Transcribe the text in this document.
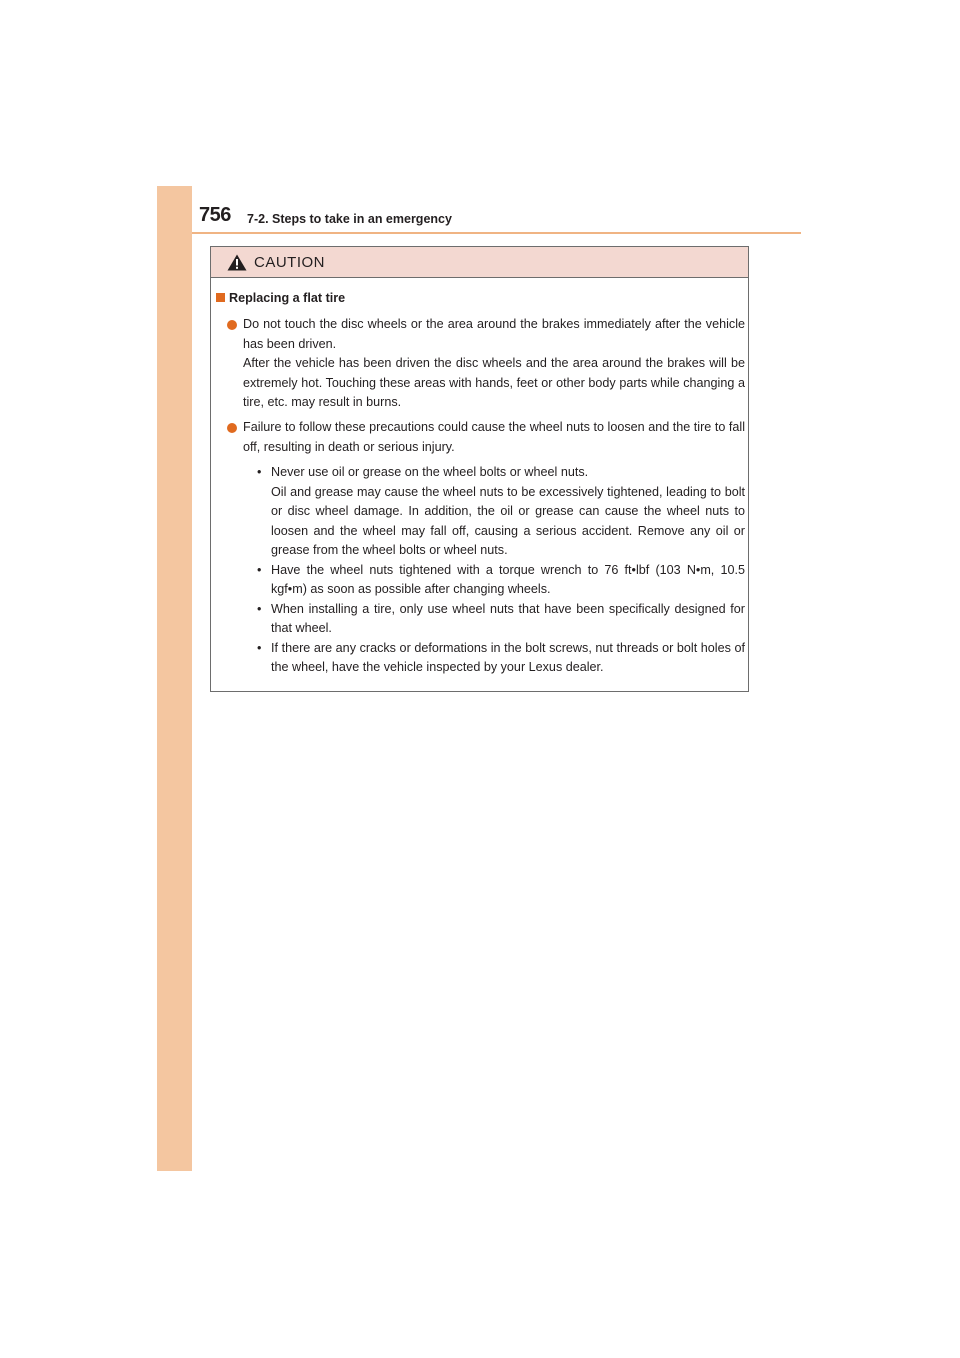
756 7-2. Steps to take in an emergency
CAUTION
Replacing a flat tire

Do not touch the disc wheels or the area around the brakes immediately after the vehicle has been driven.

After the vehicle has been driven the disc wheels and the area around the brakes will be extremely hot. Touching these areas with hands, feet or other body parts while changing a tire, etc. may result in burns.

Failure to follow these precautions could cause the wheel nuts to loosen and the tire to fall off, resulting in death or serious injury.

• Never use oil or grease on the wheel bolts or wheel nuts.

Oil and grease may cause the wheel nuts to be excessively tightened, leading to bolt or disc wheel damage. In addition, the oil or grease can cause the wheel nuts to loosen and the wheel may fall off, causing a serious accident. Remove any oil or grease from the wheel bolts or wheel nuts.

• Have the wheel nuts tightened with a torque wrench to 76 ft•lbf (103 N•m, 10.5 kgf•m) as soon as possible after changing wheels.

• When installing a tire, only use wheel nuts that have been specifically designed for that wheel.

• If there are any cracks or deformations in the bolt screws, nut threads or bolt holes of the wheel, have the vehicle inspected by your Lexus dealer.
